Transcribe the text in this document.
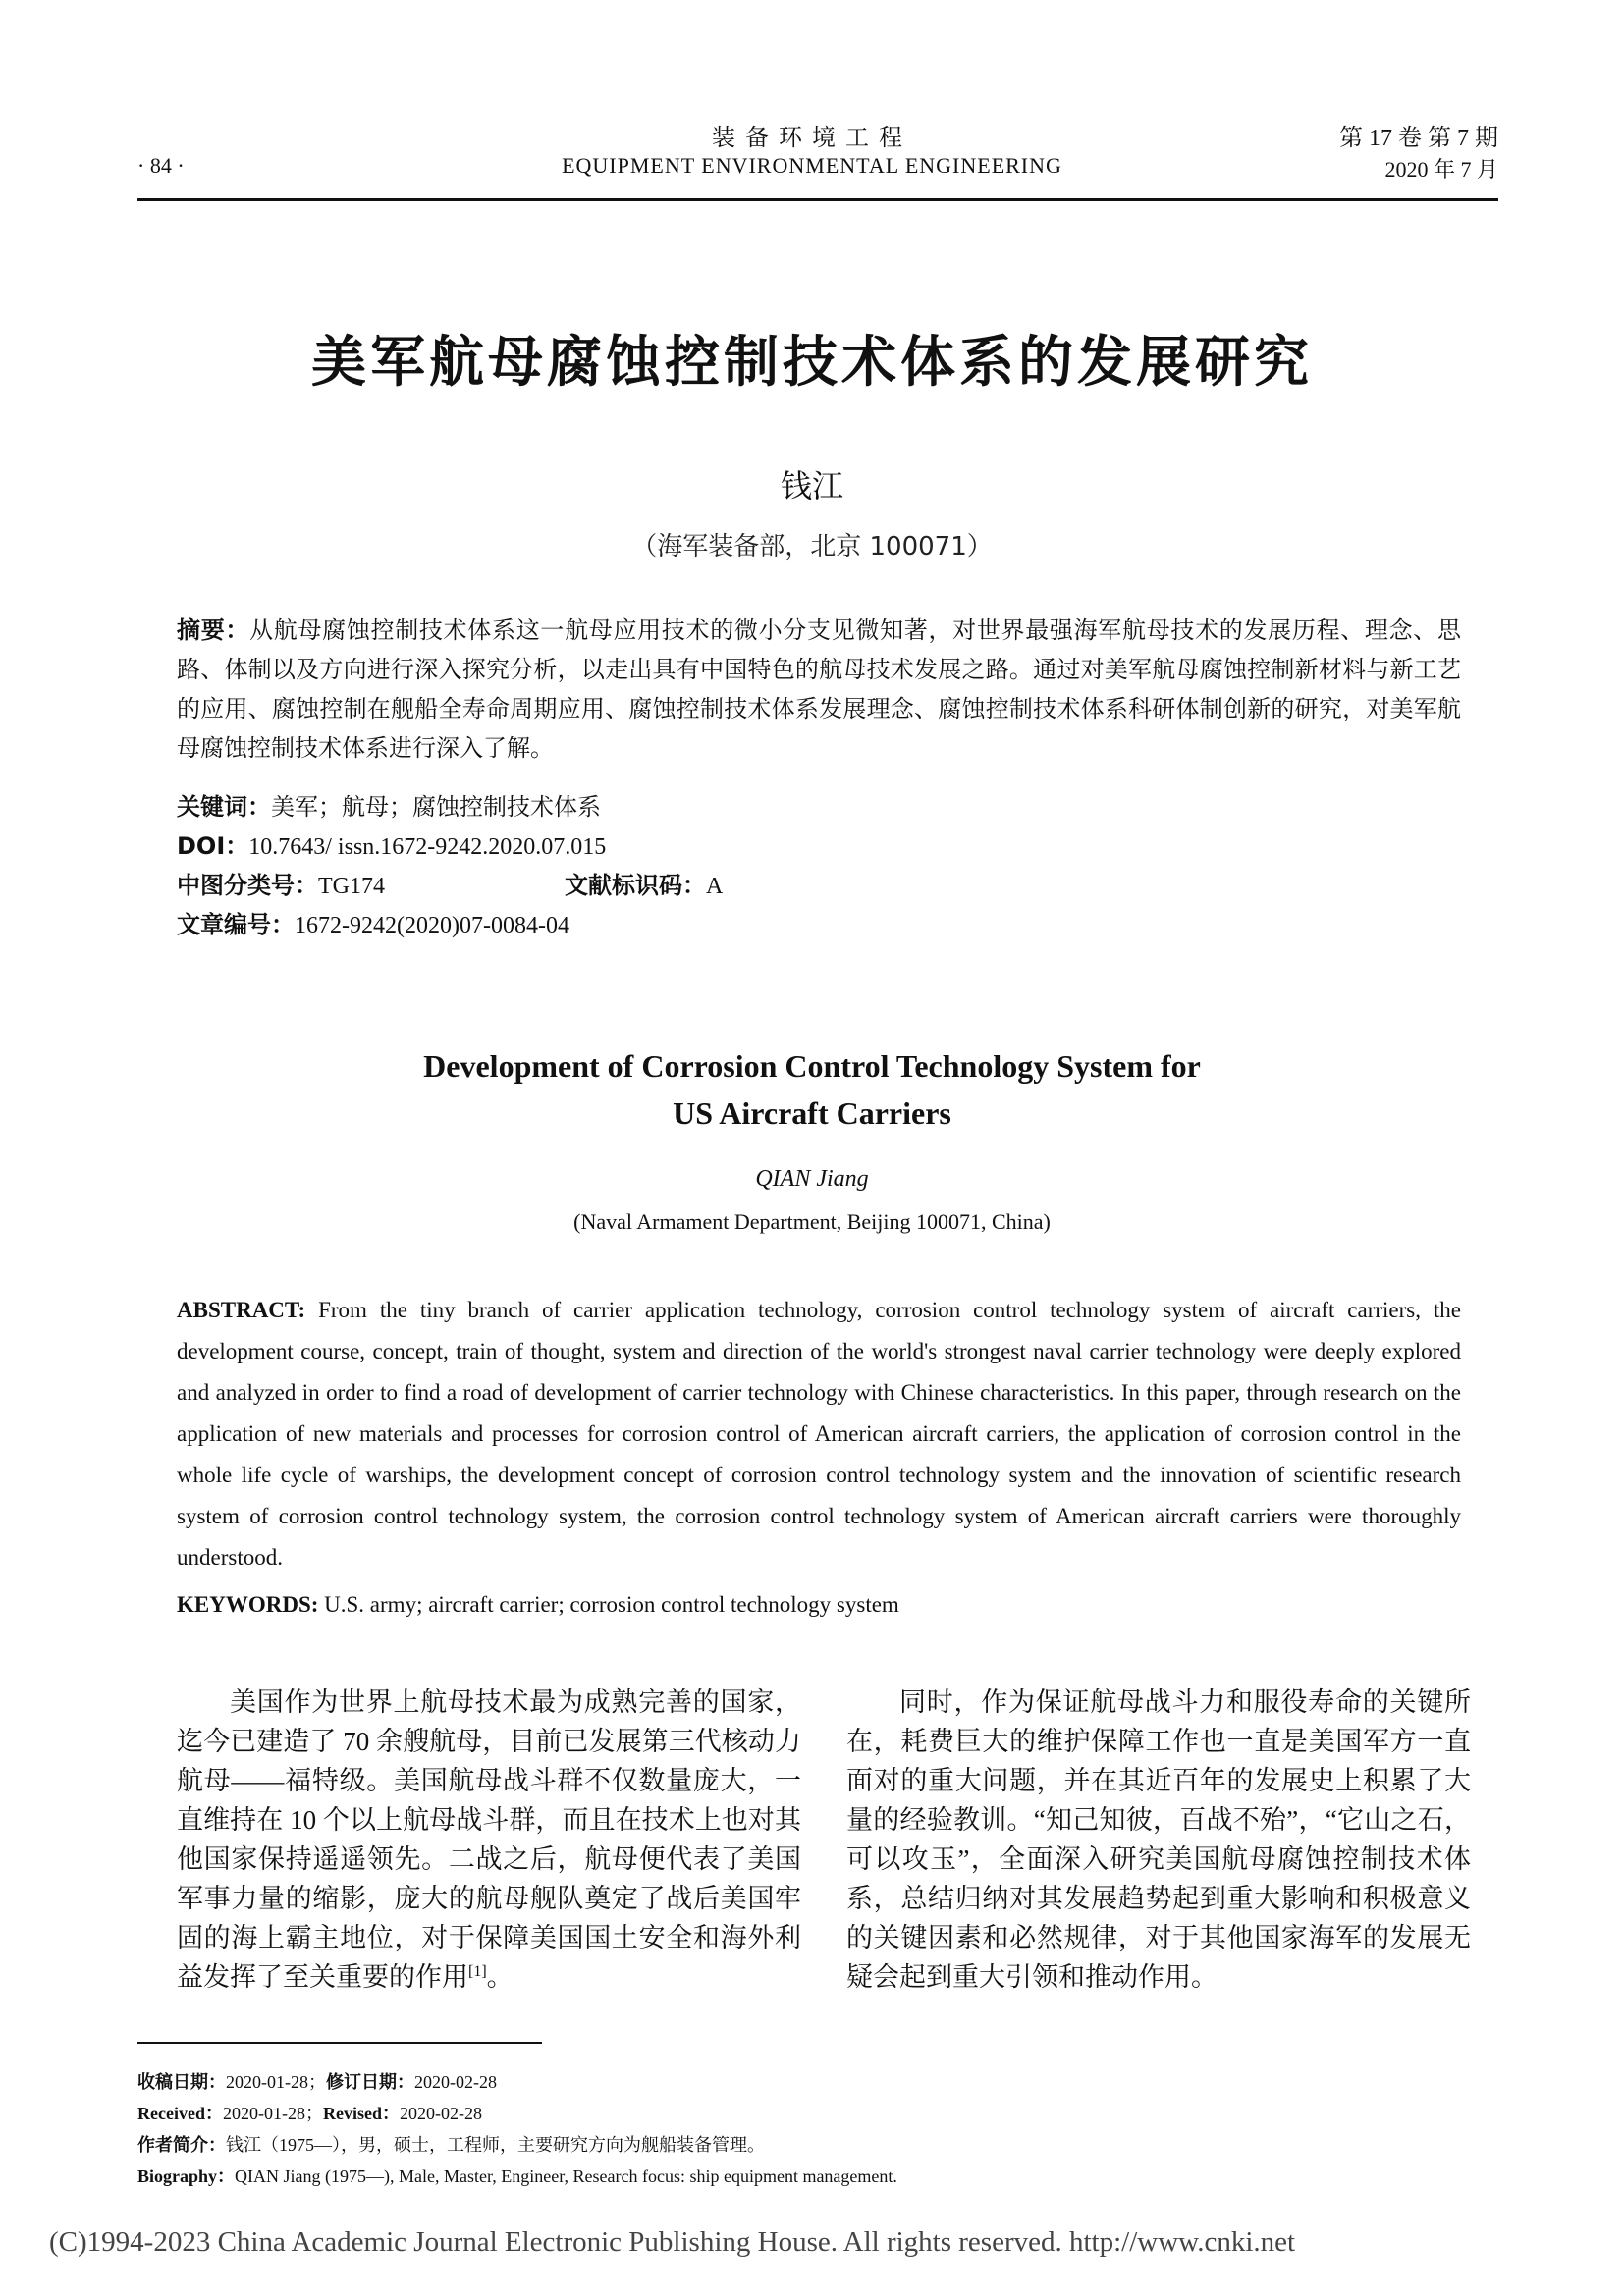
装备环境工程
EQUIPMENT ENVIRONMENTAL ENGINEERING
· 84 ·
第 17 卷 第 7 期
2020 年 7 月
美军航母腐蚀控制技术体系的发展研究
钱江
（海军装备部，北京 100071）
摘要：从航母腐蚀控制技术体系这一航母应用技术的微小分支见微知著，对世界最强海军航母技术的发展历程、理念、思路、体制以及方向进行深入探究分析，以走出具有中国特色的航母技术发展之路。通过对美军航母腐蚀控制新材料与新工艺的应用、腐蚀控制在舰船全寿命周期应用、腐蚀控制技术体系发展理念、腐蚀控制技术体系科研体制创新的研究，对美军航母腐蚀控制技术体系进行深入了解。
关键词：美军；航母；腐蚀控制技术体系
DOI：10.7643/ issn.1672-9242.2020.07.015
中图分类号：TG174	文献标识码：A
文章编号：1672-9242(2020)07-0084-04
Development of Corrosion Control Technology System for
US Aircraft Carriers
QIAN Jiang
(Naval Armament Department, Beijing 100071, China)
ABSTRACT: From the tiny branch of carrier application technology, corrosion control technology system of aircraft carriers, the development course, concept, train of thought, system and direction of the world's strongest naval carrier technology were deeply explored and analyzed in order to find a road of development of carrier technology with Chinese characteristics. In this paper, through research on the application of new materials and processes for corrosion control of American aircraft carriers, the application of corrosion control in the whole life cycle of warships, the development concept of corrosion control technology system and the innovation of scientific research system of corrosion control technology system, the corrosion control technology system of American aircraft carriers were thoroughly understood.
KEYWORDS: U.S. army; aircraft carrier; corrosion control technology system
美国作为世界上航母技术最为成熟完善的国家，迄今已建造了 70 余艘航母，目前已发展第三代核动力航母——福特级。美国航母战斗群不仅数量庞大，一直维持在 10 个以上航母战斗群，而且在技术上也对其他国家保持遥遥领先。二战之后，航母便代表了美国军事力量的缩影，庞大的航母舰队奠定了战后美国牢固的海上霸主地位，对于保障美国国土安全和海外利益发挥了至关重要的作用[1]。
同时，作为保证航母战斗力和服役寿命的关键所在，耗费巨大的维护保障工作也一直是美国军方一直面对的重大问题，并在其近百年的发展史上积累了大量的经验教训。“知己知彼，百战不殆”，“它山之石，可以攻玉”，全面深入研究美国航母腐蚀控制技术体系，总结归纳对其发展趋势起到重大影响和积极意义的关键因素和必然规律，对于其他国家海军的发展无疑会起到重大引领和推动作用。
收稿日期：2020-01-28；修订日期：2020-02-28
Received：2020-01-28；Revised：2020-02-28
作者简介：钱江（1975—），男，硕士，工程师，主要研究方向为舰船装备管理。
Biography：QIAN Jiang (1975—), Male, Master, Engineer, Research focus: ship equipment management.
(C)1994-2023 China Academic Journal Electronic Publishing House. All rights reserved. http://www.cnki.net
